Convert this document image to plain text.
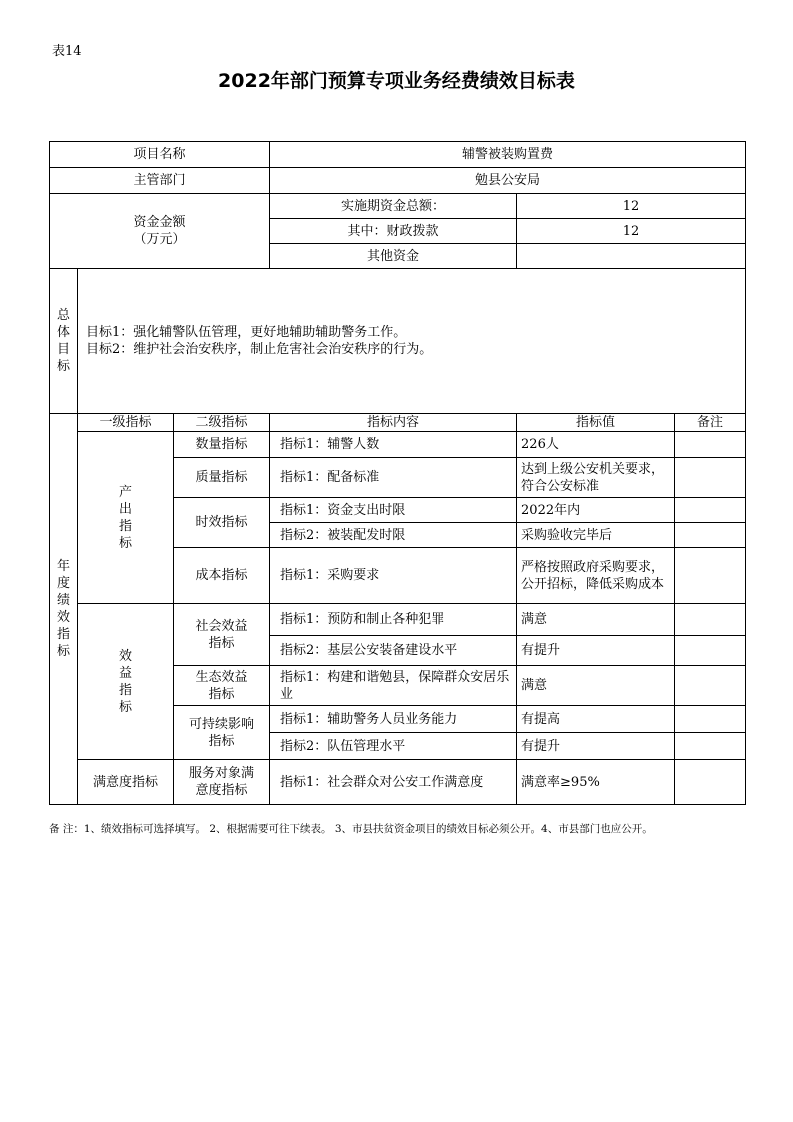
表14
2022年部门预算专项业务经费绩效目标表
项目名称			辅警被装购置费		
主管部门			勉县公安局		

资金金额
（万元）			实施期资金总额：	12	
			其中：财政拨款	12	
			其他资金		
总体目标	目标1：强化辅警队伍管理，更好地辅助辅助警务工作。
目标2：维护社会治安秩序，制止危害社会治安秩序的行为。				

年度绩效指标	一级指标	二级指标	指标内容	指标值	备注
	产出指标	数量指标	指标1：辅警人数	226人	
		质量指标	指标1：配备标准	达到上级公安机关要求，符合公安标准	
		时效指标	指标1：资金支出时限	2022年内	
			指标2：被装配发时限	采购验收完毕后	
		成本指标	指标1：采购要求	严格按照政府采购要求，公开招标，降低采购成本	
	效益指标	社会效益指标	指标1：预防和制止各种犯罪	满意	
			指标2：基层公安装备建设水平	有提升	
		生态效益指标	指标1：构建和谐勉县，保障群众安居乐业	满意	
		可持续影响指标	指标1：辅助警务人员业务能力	有提高	
			指标2：队伍管理水平	有提升	

	满意度指标	服务对象满意度指标	指标1：社会群众对公安工作满意度	满意率≥95%	
备 注：1、绩效指标可选择填写。 2、根据需要可往下续表。 3、市县扶贫资金项目的绩效目标必须公开。4、市县部门也应公开。
